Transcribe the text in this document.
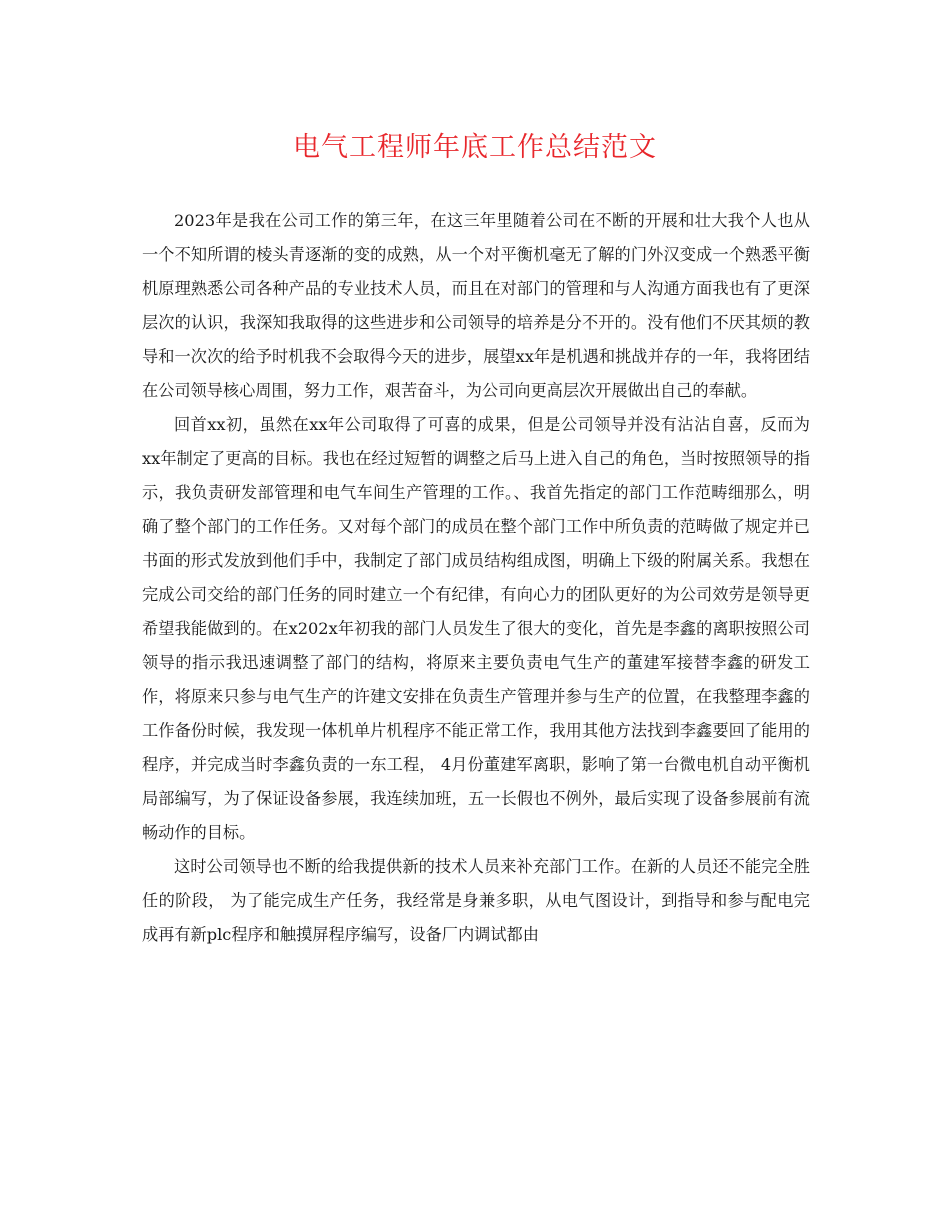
电气工程师年底工作总结范文

2023年是我在公司工作的第三年，在这三年里随着公司在不断的开展和壮大我个人也从一个不知所谓的棱头青逐渐的变的成熟，从一个对平衡机毫无了解的门外汉变成一个熟悉平衡机原理熟悉公司各种产品的专业技术人员，而且在对部门的管理和与人沟通方面我也有了更深层次的认识，我深知我取得的这些进步和公司领导的培养是分不开的。没有他们不厌其烦的教导和一次次的给予时机我不会取得今天的进步，展望xx年是机遇和挑战并存的一年，我将团结在公司领导核心周围，努力工作，艰苦奋斗，为公司向更高层次开展做出自己的奉献。

回首xx初，虽然在xx年公司取得了可喜的成果，但是公司领导并没有沾沾自喜，反而为xx年制定了更高的目标。我也在经过短暂的调整之后马上进入自己的角色，当时按照领导的指示，我负责研发部管理和电气车间生产管理的工作。、我首先指定的部门工作范畴细那么，明确了整个部门的工作任务。又对每个部门的成员在整个部门工作中所负责的范畴做了规定并已书面的形式发放到他们手中，我制定了部门成员结构组成图，明确上下级的附属关系。我想在完成公司交给的部门任务的同时建立一个有纪律，有向心力的团队更好的为公司效劳是领导更希望我能做到的。在x202x年初我的部门人员发生了很大的变化，首先是李鑫的离职按照公司领导的指示我迅速调整了部门的结构，将原来主要负责电气生产的董建军接替李鑫的研发工作，将原来只参与电气生产的许建文安排在负责生产管理并参与生产的位置，在我整理李鑫的工作备份时候，我发现一体机单片机程序不能正常工作，我用其他方法找到李鑫要回了能用的程序，并完成当时李鑫负责的一东工程， 4月份董建军离职，影响了第一台微电机自动平衡机局部编写，为了保证设备参展，我连续加班，五一长假也不例外，最后实现了设备参展前有流畅动作的目标。

这时公司领导也不断的给我提供新的技术人员来补充部门工作。在新的人员还不能完全胜任的阶段， 为了能完成生产任务，我经常是身兼多职，从电气图设计，到指导和参与配电完成再有新plc程序和触摸屏程序编写，设备厂内调试都由
